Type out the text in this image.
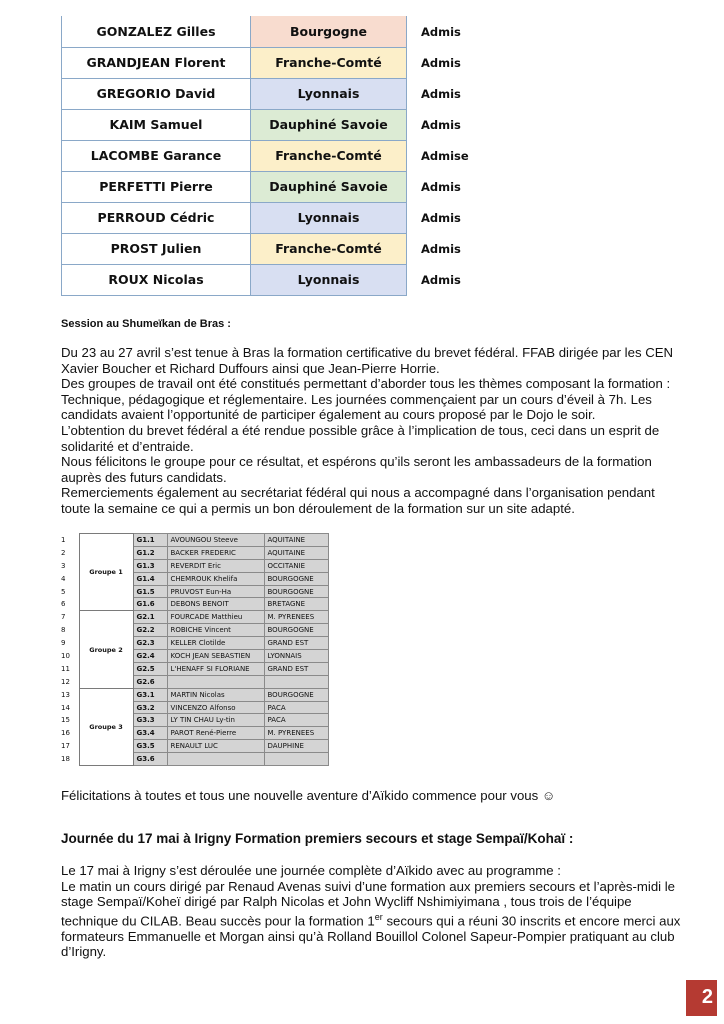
GONZALEZ Gilles	Bourgogne	Admis
GRANDJEAN Florent	Franche-Comté	Admis
GREGORIO David	Lyonnais	Admis
KAIM Samuel	Dauphiné Savoie	Admis
LACOMBE Garance	Franche-Comté	Admise
PERFETTI Pierre	Dauphiné Savoie	Admis
PERROUD Cédric	Lyonnais	Admis
PROST Julien	Franche-Comté	Admis
ROUX Nicolas	Lyonnais	Admis
Session au Shumeïkan de Bras :
Du 23 au 27 avril s’est tenue à Bras la formation certificative du brevet fédéral. FFAB dirigée par les CEN Xavier Boucher et Richard Duffours ainsi que Jean-Pierre Horrie.
Des groupes de travail ont été constitués permettant d’aborder tous les thèmes composant la formation : Technique, pédagogique et réglementaire. Les journées commençaient par un cours d’éveil à 7h. Les candidats avaient l’opportunité de participer également au cours proposé par le Dojo le soir.
L’obtention du brevet fédéral a été rendue possible grâce à l’implication de tous, ceci dans un esprit de solidarité et d’entraide.
Nous félicitons le groupe pour ce résultat, et espérons qu’ils seront les ambassadeurs de la formation auprès des futurs candidats.
Remerciements également au secrétariat fédéral qui nous a accompagné dans l’organisation pendant toute la semaine ce qui a permis un bon déroulement de la formation sur un site adapté.
1	Groupe 1	G1.1	AVOUNGOU Steeve	AQUITAINE
2		G1.2	BACKER FREDERIC	AQUITAINE
3		G1.3	REVERDIT Eric	OCCITANIE
4		G1.4	CHEMROUK Khelifa	BOURGOGNE
5		G1.5	PRUVOST Eun-Ha	BOURGOGNE
6		G1.6	DEBONS BENOIT	BRETAGNE
7	Groupe 2	G2.1	FOURCADE Matthieu	M. PYRENEES
8		G2.2	ROBICHE Vincent	BOURGOGNE
9		G2.3	KELLER Clotilde	GRAND EST
10		G2.4	KOCH JEAN SEBASTIEN	LYONNAIS
11		G2.5	L'HENAFF SI FLORIANE	GRAND EST
12		G2.6		
13	Groupe 3	G3.1	MARTIN Nicolas	BOURGOGNE
14		G3.2	VINCENZO Alfonso	PACA
15		G3.3	LY TIN CHAU Ly-tin	PACA
16		G3.4	PAROT René-Pierre	M. PYRENEES
17		G3.5	RENAULT LUC	DAUPHINE
18		G3.6		
Félicitations à toutes et tous une nouvelle aventure d’Aïkido commence pour vous ☺
Journée du 17 mai à Irigny Formation premiers secours et stage Sempaï/Kohaï :
Le 17 mai à Irigny s’est déroulée une journée complète d’Aïkido avec au programme :
Le matin un cours dirigé par Renaud Avenas suivi d’une formation aux premiers secours et l’après-midi le stage Sempaï/Koheï dirigé par Ralph Nicolas et John Wycliff Nshimiyimana , tous trois de l’équipe technique du CILAB. Beau succès pour la formation 1er secours qui a réuni 30 inscrits et encore merci aux formateurs Emmanuelle et Morgan ainsi qu’à Rolland Bouillol Colonel Sapeur-Pompier pratiquant au club d’Irigny.
2
